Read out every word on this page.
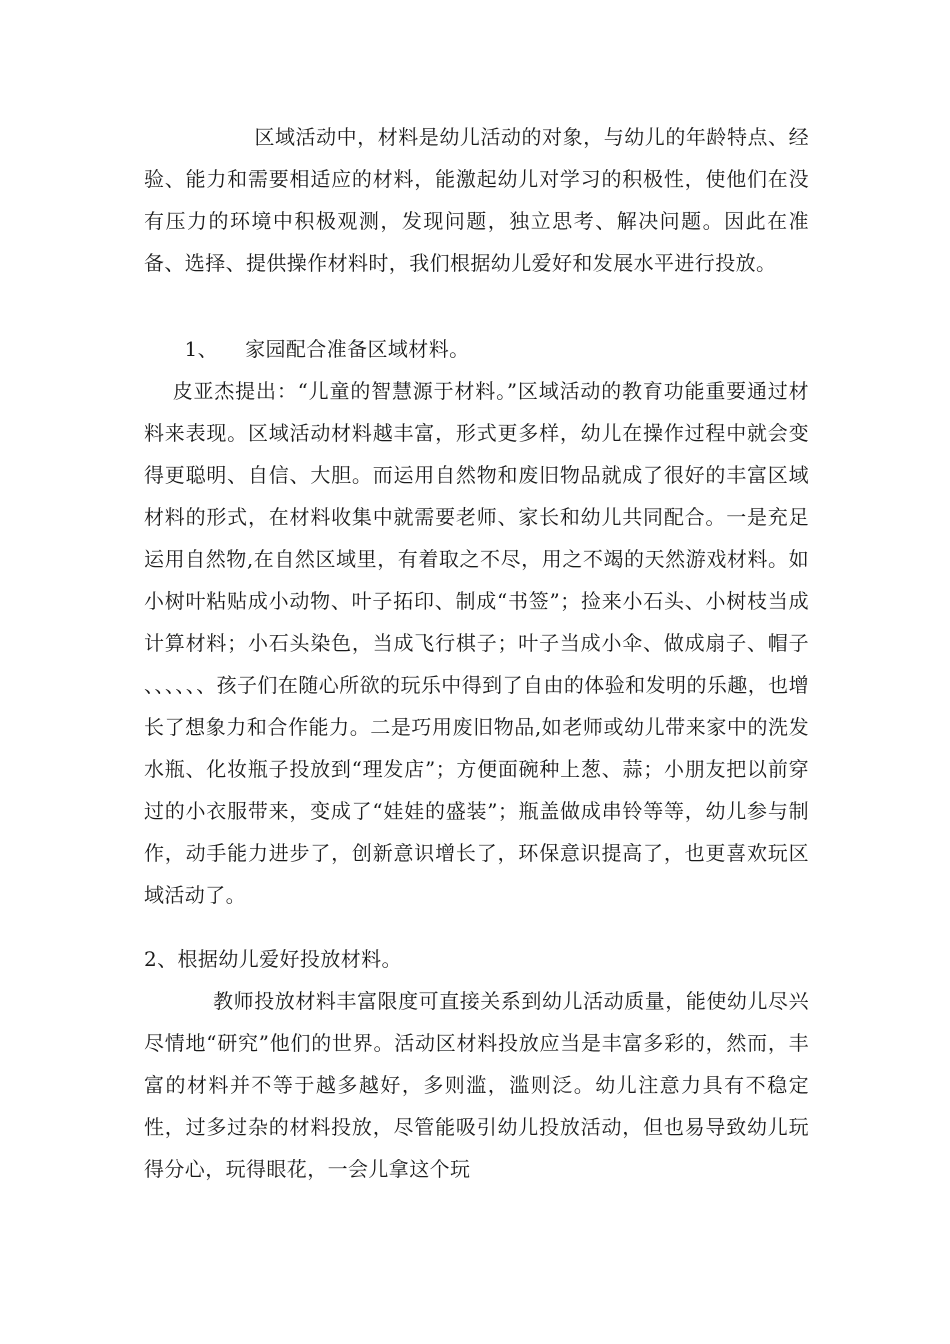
区域活动中，材料是幼儿活动的对象，与幼儿的年龄特点、经验、能力和需要相适应的材料，能激起幼儿对学习的积极性，使他们在没有压力的环境中积极观测，发现问题，独立思考、解决问题。因此在准备、选择、提供操作材料时，我们根据幼儿爱好和发展水平进行投放。

1、    家园配合准备区域材料。

皮亚杰提出：“儿童的智慧源于材料。”区域活动的教育功能重要通过材料来表现。区域活动材料越丰富，形式更多样，幼儿在操作过程中就会变得更聪明、自信、大胆。而运用自然物和废旧物品就成了很好的丰富区域材料的形式，在材料收集中就需要老师、家长和幼儿共同配合。一是充足运用自然物,在自然区域里，有着取之不尽，用之不竭的天然游戏材料。如小树叶粘贴成小动物、叶子拓印、制成“书签”；捡来小石头、小树枝当成计算材料；小石头染色，当成飞行棋子；叶子当成小伞、做成扇子、帽子  、、、、、、孩子们在随心所欲的玩乐中得到了自由的体验和发明的乐趣，也增长了想象力和合作能力。二是巧用废旧物品,如老师或幼儿带来家中的洗发水瓶、化妆瓶子投放到“理发店”；方便面碗种上葱、蒜；小朋友把以前穿过的小衣服带来，变成了“娃娃的盛装”；瓶盖做成串铃等等，幼儿参与制作，动手能力进步了，创新意识增长了，环保意识提高了，也更喜欢玩区域活动了。

2、根据幼儿爱好投放材料。

教师投放材料丰富限度可直接关系到幼儿活动质量，能使幼儿尽兴尽情地“研究”他们的世界。活动区材料投放应当是丰富多彩的，然而，丰富的材料并不等于越多越好，多则滥，滥则泛。幼儿注意力具有不稳定性，过多过杂的材料投放，尽管能吸引幼儿投放活动，但也易导致幼儿玩得分心，玩得眼花，一会儿拿这个玩
